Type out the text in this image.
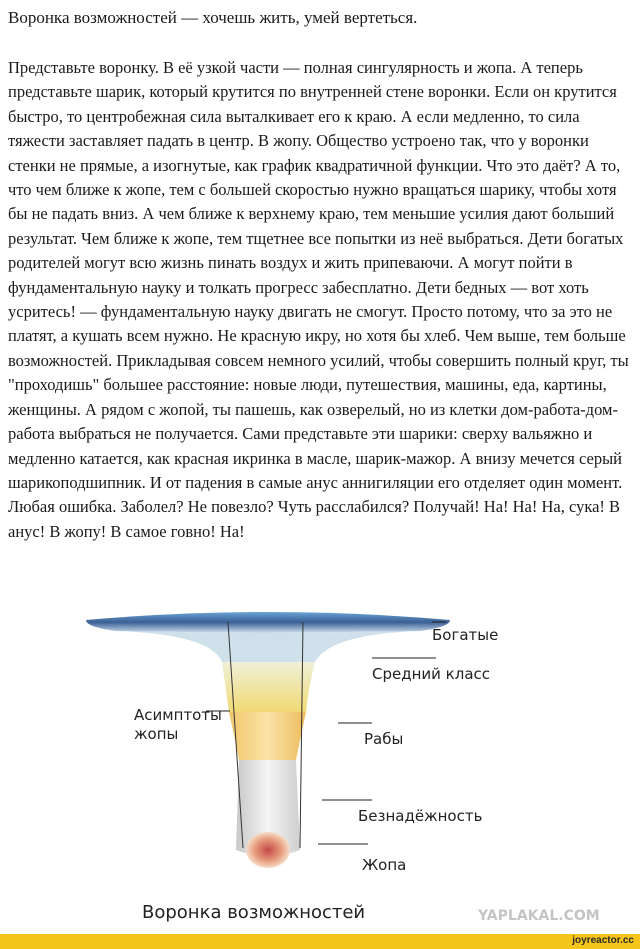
Воронка возможностей — хочешь жить, умей вертеться.

Представьте воронку. В её узкой части — полная сингулярность и жопа. А теперь представьте шарик, который крутится по внутренней стене воронки. Если он крутится быстро, то центробежная сила выталкивает его к краю. А если медленно, то сила тяжести заставляет падать в центр. В жопу. Общество устроено так, что у воронки стенки не прямые, а изогнутые, как график квадратичной функции. Что это даёт? А то, что чем ближе к жопе, тем с большей скоростью нужно вращаться шарику, чтобы хотя бы не падать вниз. А чем ближе к верхнему краю, тем меньшие усилия дают больший результат. Чем ближе к жопе, тем тщетнее все попытки из неё выбраться. Дети богатых родителей могут всю жизнь пинать воздух и жить припеваючи. А могут пойти в фундаментальную науку и толкать прогресс забесплатно. Дети бедных — вот хоть усритесь! — фундаментальную науку двигать не смогут. Просто потому, что за это не платят, а кушать всем нужно. Не красную икру, но хотя бы хлеб. Чем выше, тем больше возможностей. Прикладывая совсем немного усилий, чтобы совершить полный круг, ты "проходишь" большее расстояние: новые люди, путешествия, машины, еда, картины, женщины. А рядом с жопой, ты пашешь, как озверелый, но из клетки дом-работа-дом-работа выбраться не получается. Сами представьте эти шарики: сверху вальяжно и медленно катается, как красная икринка в масле, шарик-мажор. А внизу мечется серый шарикоподшипник. И от падения в самые анус аннигиляции его отделяет один момент. Любая ошибка. Заболел? Не повезло? Чуть расслабился? Получай! На! На! На, сука! В анус! В жопу! В самое говно! На!

Богатые
Средний класс
Рабы
Безнадёжность
Жопа
Асимптоты
жопы
Воронка возможностей	YAPLAKAL.COM
joyreactor.cc
